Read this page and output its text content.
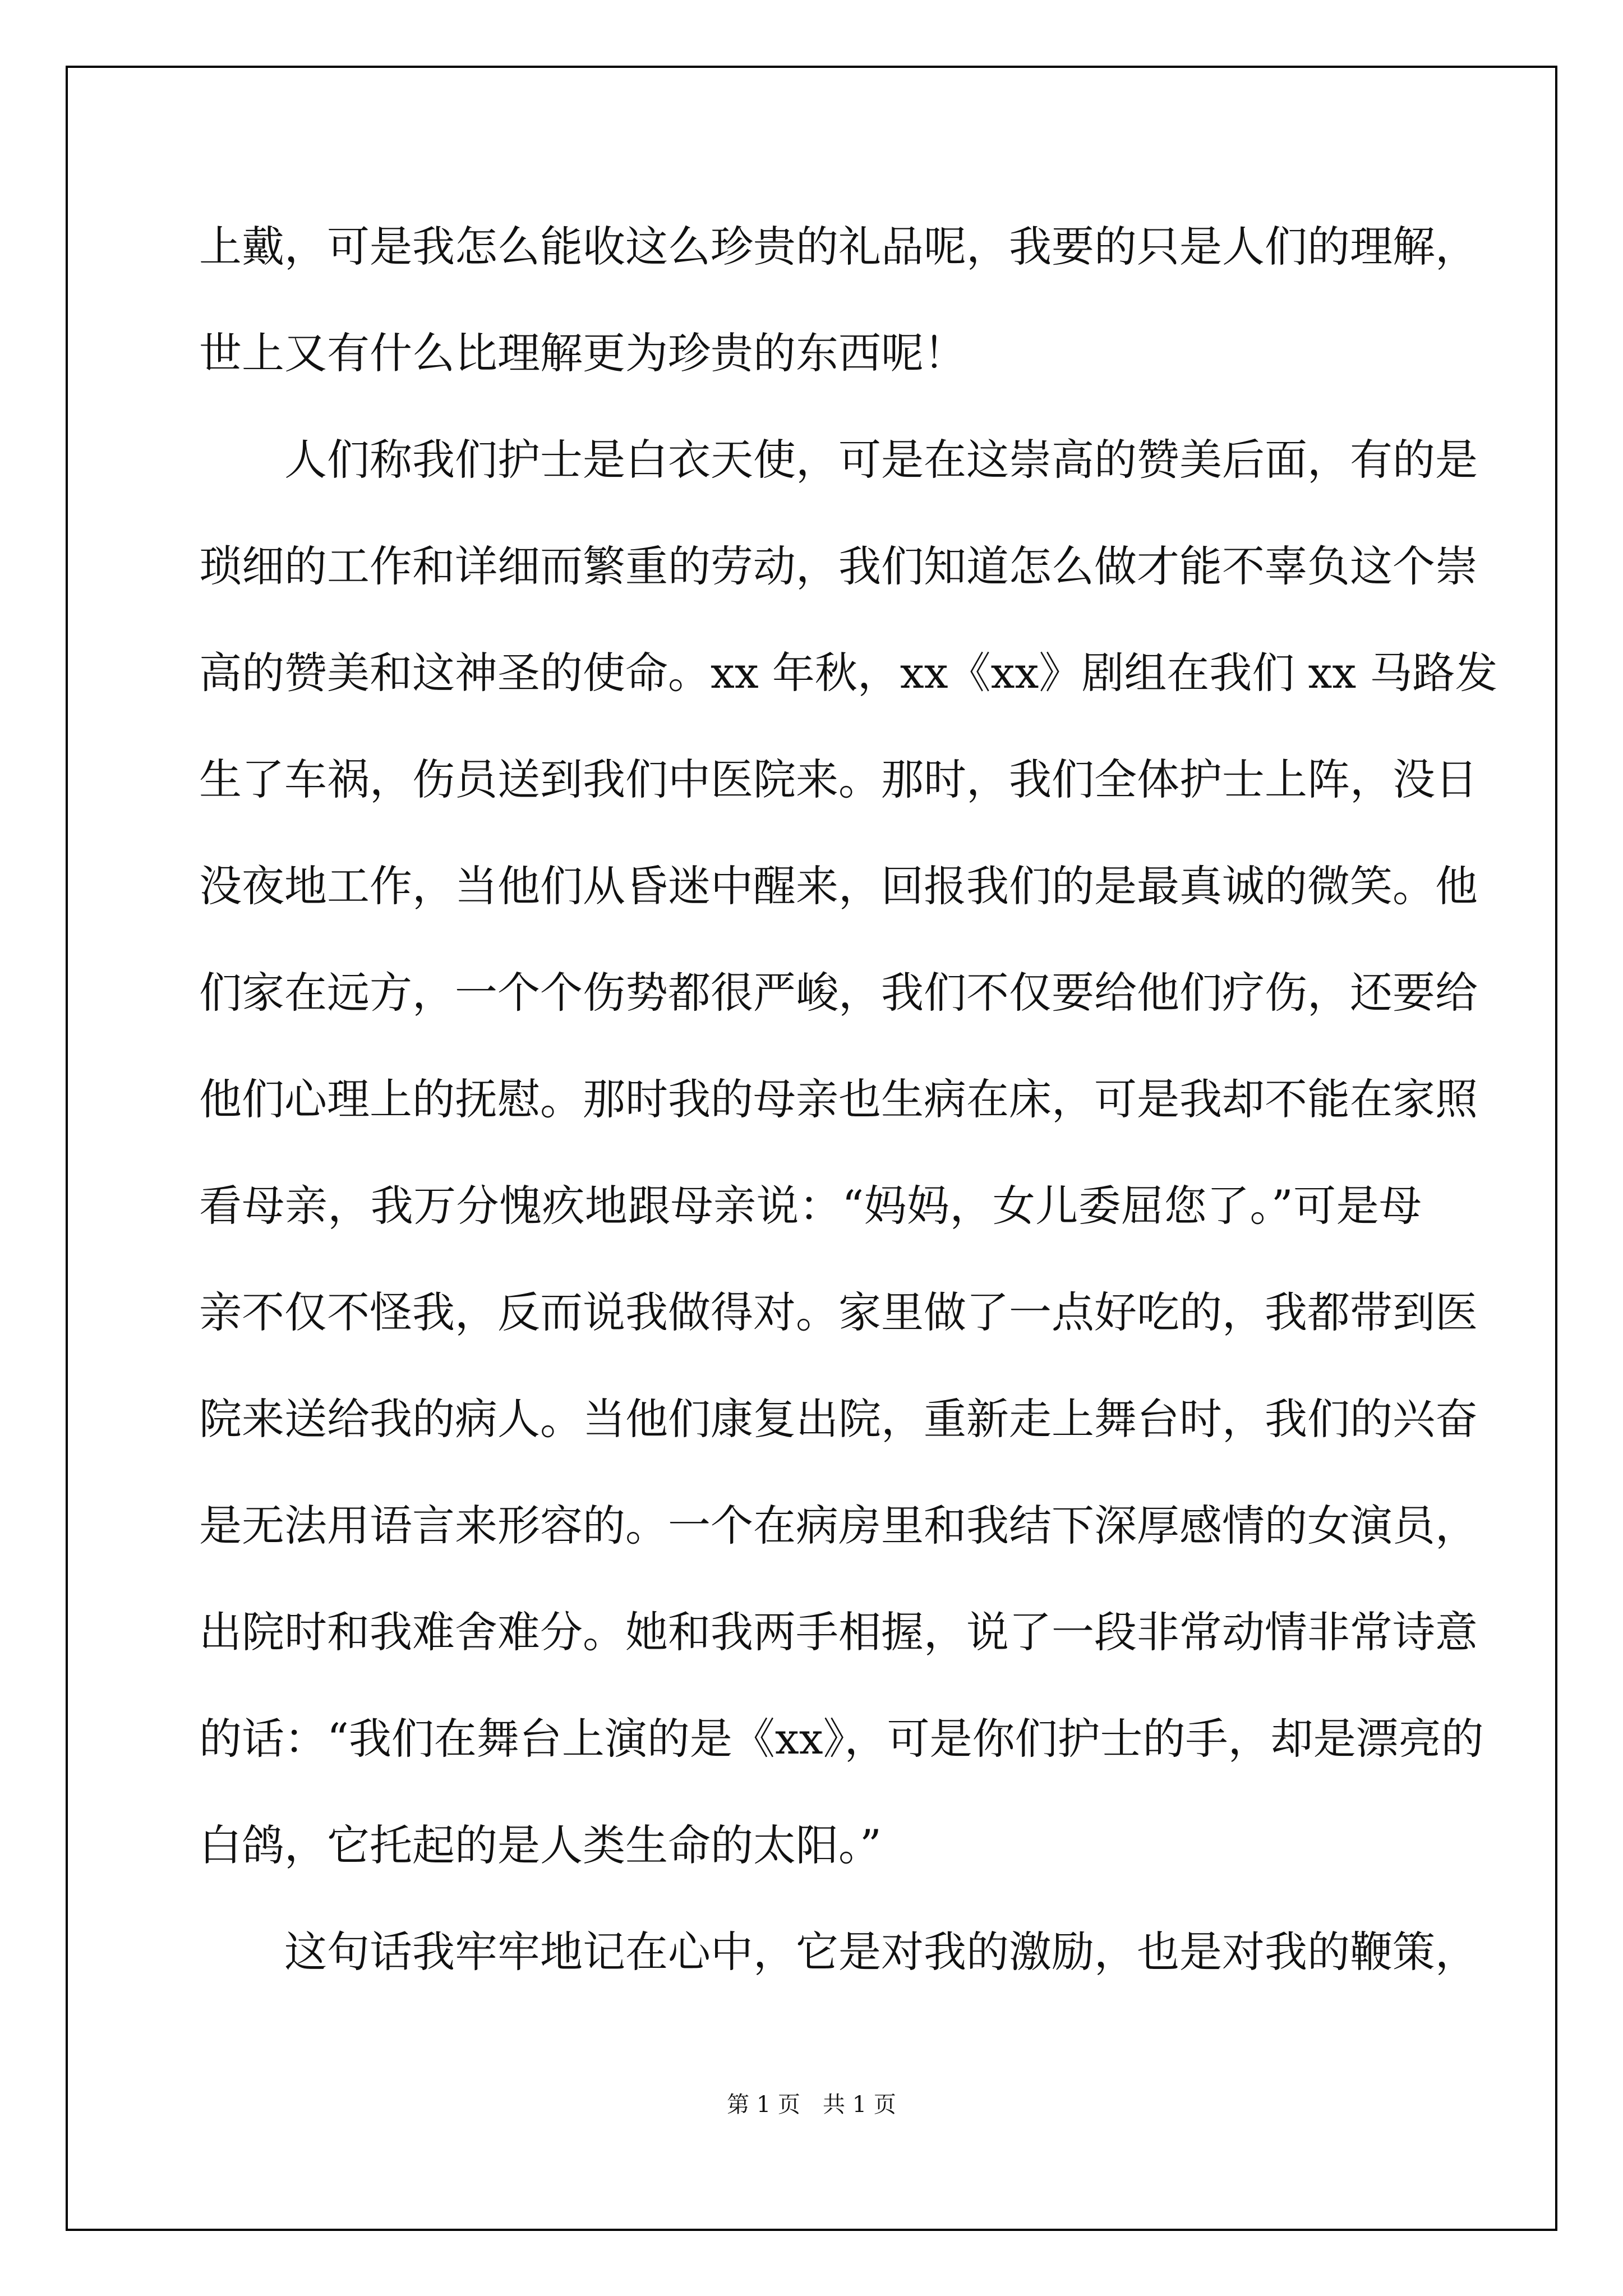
上戴，可是我怎么能收这么珍贵的礼品呢，我要的只是人们的理解，
世上又有什么比理解更为珍贵的东西呢！
人们称我们护士是白衣天使，可是在这崇高的赞美后面，有的是
琐细的工作和详细而繁重的劳动，我们知道怎么做才能不辜负这个崇
高的赞美和这神圣的使命。xx 年秋，xx《xx》剧组在我们 xx 马路发
生了车祸，伤员送到我们中医院来。那时，我们全体护士上阵，没日
没夜地工作，当他们从昏迷中醒来，回报我们的是最真诚的微笑。他
们家在远方，一个个伤势都很严峻，我们不仅要给他们疗伤，还要给
他们心理上的抚慰。那时我的母亲也生病在床，可是我却不能在家照
看母亲，我万分愧疚地跟母亲说：“妈妈，女儿委屈您了。”可是母
亲不仅不怪我，反而说我做得对。家里做了一点好吃的，我都带到医
院来送给我的病人。当他们康复出院，重新走上舞台时，我们的兴奋
是无法用语言来形容的。一个在病房里和我结下深厚感情的女演员，
出院时和我难舍难分。她和我两手相握，说了一段非常动情非常诗意
的话：“我们在舞台上演的是《xx》，可是你们护士的手，却是漂亮的
白鸽，它托起的是人类生命的太阳。”
这句话我牢牢地记在心中，它是对我的激励，也是对我的鞭策，
第 1 页　共 1 页
